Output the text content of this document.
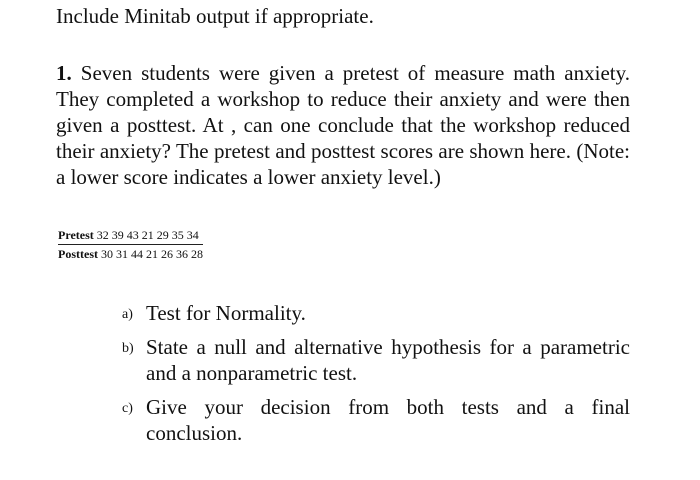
Include Minitab output if appropriate.
1. Seven students were given a pretest of measure math anxiety. They completed a workshop to reduce their anxiety and were then given a posttest. At , can one conclude that the workshop reduced their anxiety? The pretest and posttest scores are shown here. (Note: a lower score indicates a lower anxiety level.)
Pretest 32 39 43 21 29 35 34
Posttest 30 31 44 21 26 36 28
a) Test for Normality.
b) State a null and alternative hypothesis for a parametric and a nonparametric test.
c) Give your decision from both tests and a final conclusion.
